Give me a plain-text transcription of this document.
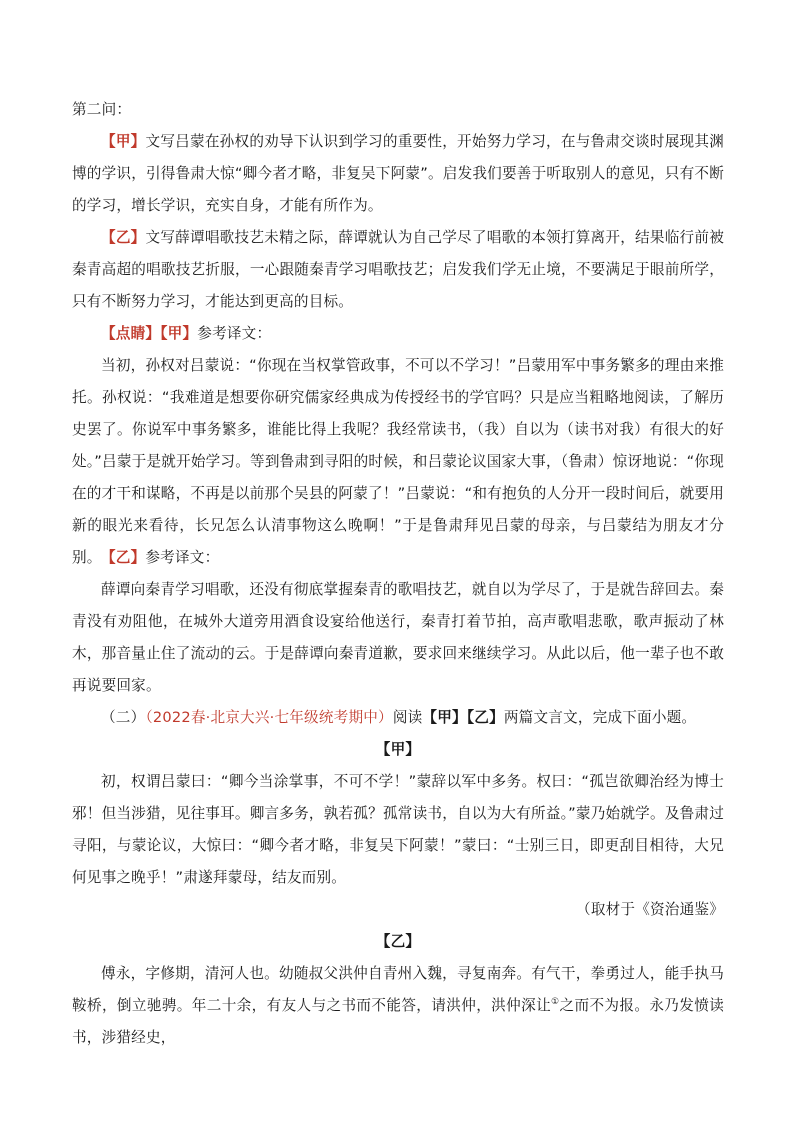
第二问：

【甲】文写吕蒙在孙权的劝导下认识到学习的重要性，开始努力学习，在与鲁肃交谈时展现其渊博的学识，引得鲁肃大惊“卿今者才略，非复吴下阿蒙”。启发我们要善于听取别人的意见，只有不断的学习，增长学识，充实自身，才能有所作为。

【乙】文写薛谭唱歌技艺未精之际，薛谭就认为自己学尽了唱歌的本领打算离开，结果临行前被秦青高超的唱歌技艺折服，一心跟随秦青学习唱歌技艺；启发我们学无止境，不要满足于眼前所学，只有不断努力学习，才能达到更高的目标。

【点睛】【甲】参考译文：

当初，孙权对吕蒙说：“你现在当权掌管政事，不可以不学习！”吕蒙用军中事务繁多的理由来推托。孙权说：“我难道是想要你研究儒家经典成为传授经书的学官吗？只是应当粗略地阅读，了解历史罢了。你说军中事务繁多，谁能比得上我呢？我经常读书，（我）自以为（读书对我）有很大的好处。”吕蒙于是就开始学习。等到鲁肃到寻阳的时候，和吕蒙论议国家大事，（鲁肃）惊讶地说：“你现在的才干和谋略，不再是以前那个吴县的阿蒙了！”吕蒙说：“和有抱负的人分开一段时间后，就要用新的眼光来看待，长兄怎么认清事物这么晚啊！”于是鲁肃拜见吕蒙的母亲，与吕蒙结为朋友才分别。 【乙】参考译文：

薛谭向秦青学习唱歌，还没有彻底掌握秦青的歌唱技艺，就自以为学尽了，于是就告辞回去。秦青没有劝阻他，在城外大道旁用酒食设宴给他送行，秦青打着节拍，高声歌唱悲歌，歌声振动了林木，那音量止住了流动的云。于是薛谭向秦青道歉，要求回来继续学习。从此以后，他一辈子也不敢再说要回家。

（二）（2022春·北京大兴·七年级统考期中）阅读【甲】【乙】两篇文言文，完成下面小题。

【甲】

初，权谓吕蒙曰：“卿今当涂掌事，不可不学！”蒙辞以军中多务。权曰：“孤岂欲卿治经为博士邪！但当涉猎，见往事耳。卿言多务，孰若孤？孤常读书，自以为大有所益。”蒙乃始就学。及鲁肃过寻阳，与蒙论议，大惊曰：“卿今者才略，非复吴下阿蒙！”蒙曰：“士别三日，即更刮目相待，大兄何见事之晚乎！”肃遂拜蒙母，结友而别。

（取材于《资治通鉴》

【乙】

傅永，字修期，清河人也。幼随叔父洪仲自青州入魏，寻复南奔。有气干，拳勇过人，能手执马鞍桥，倒立驰骋。年二十余，有友人与之书而不能答，请洪仲，洪仲深让①之而不为报。永乃发愤读书，涉猎经史，
